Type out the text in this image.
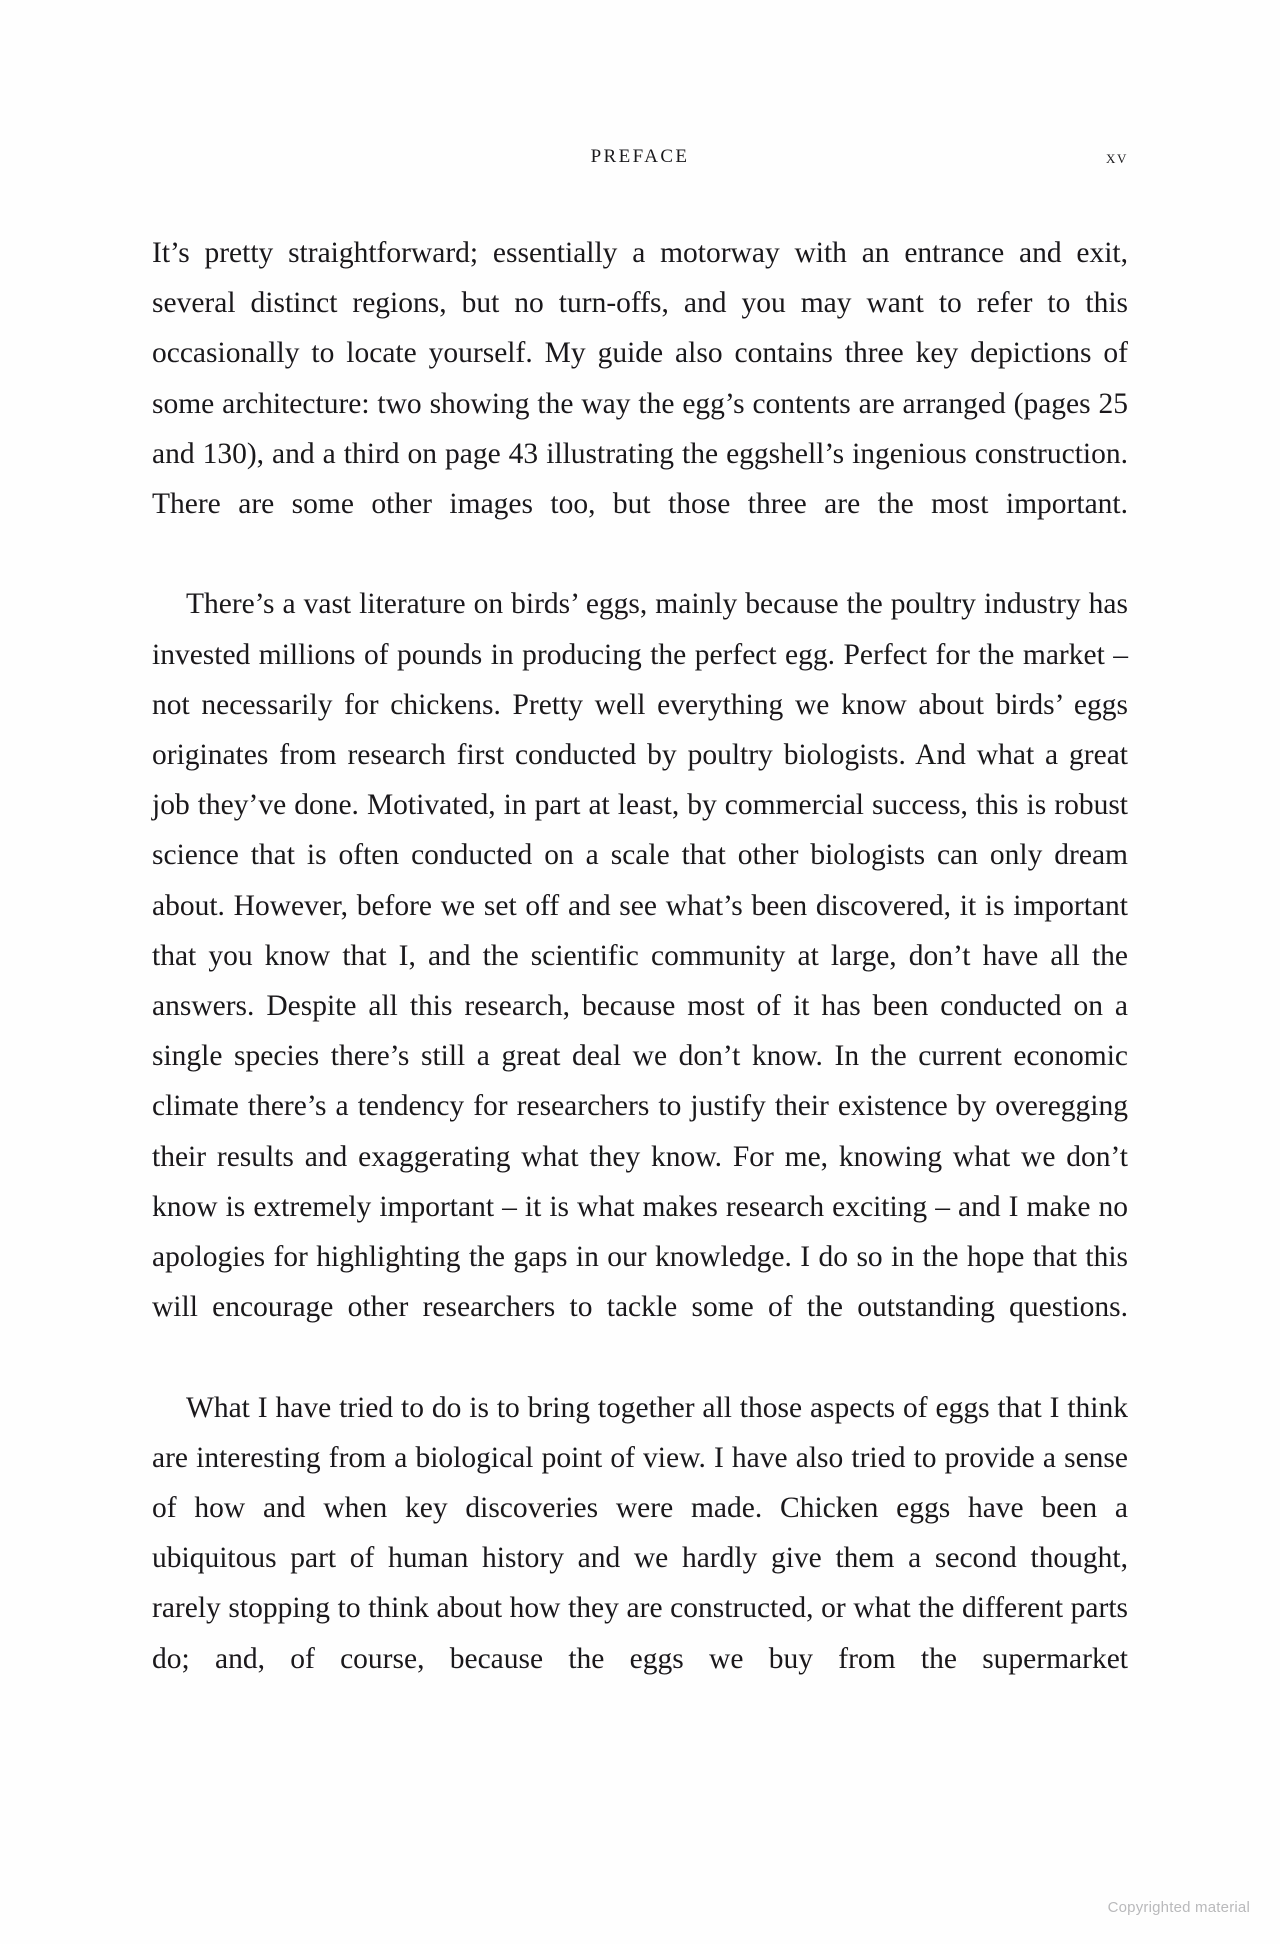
PREFACE	xv

It’s pretty straightforward; essentially a motorway with an entrance and exit, several distinct regions, but no turn-offs, and you may want to refer to this occasionally to locate yourself. My guide also contains three key depictions of some architecture: two showing the way the egg’s contents are arranged (pages 25 and 130), and a third on page 43 illustrating the eggshell’s ingenious construction. There are some other images too, but those three are the most important.

There’s a vast literature on birds’ eggs, mainly because the poultry industry has invested millions of pounds in producing the perfect egg. Perfect for the market – not necessarily for chickens. Pretty well everything we know about birds’ eggs originates from research first conducted by poultry biologists. And what a great job they’ve done. Motivated, in part at least, by commercial success, this is robust science that is often conducted on a scale that other biologists can only dream about. However, before we set off and see what’s been discovered, it is important that you know that I, and the scientific community at large, don’t have all the answers. Despite all this research, because most of it has been conducted on a single species there’s still a great deal we don’t know. In the current economic climate there’s a tendency for researchers to justify their existence by overegging their results and exaggerating what they know. For me, knowing what we don’t know is extremely important – it is what makes research exciting – and I make no apologies for highlighting the gaps in our knowledge. I do so in the hope that this will encourage other researchers to tackle some of the outstanding questions.

What I have tried to do is to bring together all those aspects of eggs that I think are interesting from a biological point of view. I have also tried to provide a sense of how and when key discoveries were made. Chicken eggs have been a ubiquitous part of human history and we hardly give them a second thought, rarely stopping to think about how they are constructed, or what the different parts do; and, of course, because the eggs we buy from the supermarket

Copyrighted material
